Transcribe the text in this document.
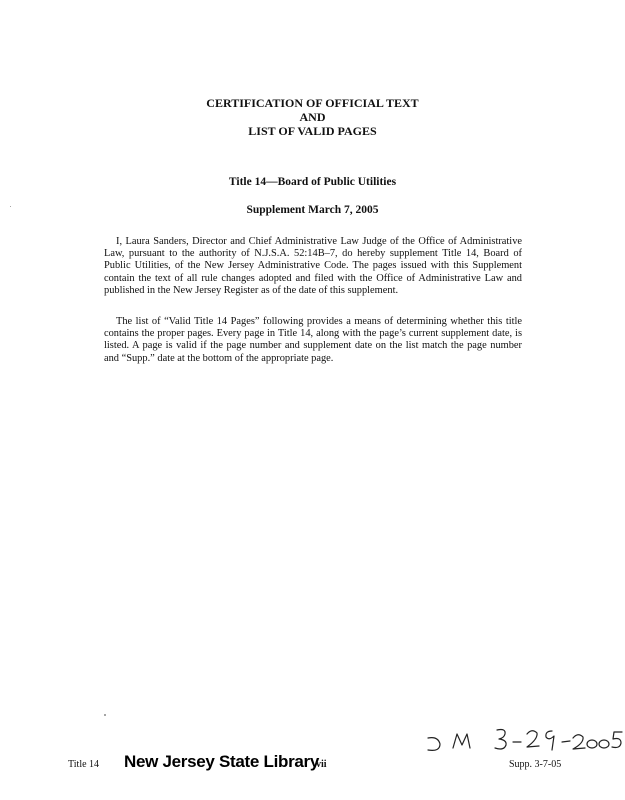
CERTIFICATION OF OFFICIAL TEXT
AND
LIST OF VALID PAGES
Title 14—Board of Public Utilities
Supplement March 7, 2005

I, Laura Sanders, Director and Chief Administrative Law Judge of the Office of Administrative Law, pursuant to the authority of N.J.S.A. 52:14B–7, do hereby supplement Title 14, Board of Public Utilities, of the New Jersey Administrative Code. The pages issued with this Supplement contain the text of all rule changes adopted and filed with the Office of Administrative Law and published in the New Jersey Register as of the date of this supplement.

The list of “Valid Title 14 Pages” following provides a means of determining whether this title contains the proper pages. Every page in Title 14, along with the page’s current supplement date, is listed. A page is valid if the page number and supplement date on the list match the page number and “Supp.” date at the bottom of the appropriate page.

Title 14 New Jersey State Library
vii	Supp. 3-7-05
